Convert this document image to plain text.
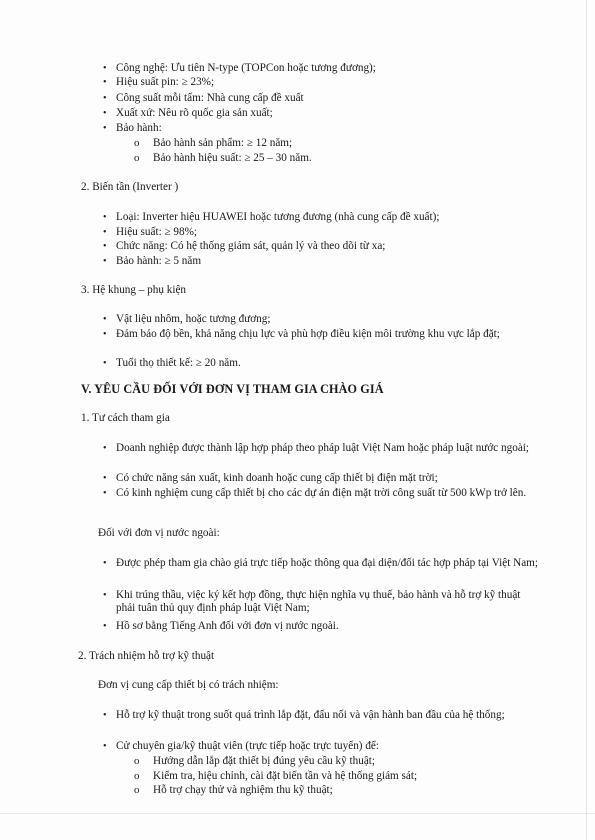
• Công nghệ: Ưu tiên N-type (TOPCon hoặc tương đương);
• Hiệu suất pin: ≥ 23%;
• Công suất mỗi tấm: Nhà cung cấp đề xuất
• Xuất xứ: Nêu rõ quốc gia sản xuất;
• Bảo hành:
o Bảo hành sản phẩm: ≥ 12 năm;
o Bảo hành hiệu suất: ≥ 25 – 30 năm.
2. Biến tần (Inverter )
• Loại: Inverter hiệu HUAWEI hoặc tương đương (nhà cung cấp đề xuất);
• Hiệu suất: ≥ 98%;
• Chức năng: Có hệ thống giám sát, quản lý và theo dõi từ xa;
• Bảo hành: ≥ 5 năm
3. Hệ khung – phụ kiện
• Vật liệu nhôm, hoặc tương đương;
• Đảm bảo độ bền, khả năng chịu lực và phù hợp điều kiện môi trường khu vực lắp đặt;
• Tuổi thọ thiết kế: ≥ 20 năm.
V. YÊU CẦU ĐỐI VỚI ĐƠN VỊ THAM GIA CHÀO GIÁ
1. Tư cách tham gia
• Doanh nghiệp được thành lập hợp pháp theo pháp luật Việt Nam hoặc pháp luật nước ngoài;
• Có chức năng sản xuất, kinh doanh hoặc cung cấp thiết bị điện mặt trời;
• Có kinh nghiệm cung cấp thiết bị cho các dự án điện mặt trời công suất từ 500 kWp trở lên.
Đối với đơn vị nước ngoài:
• Được phép tham gia chào giá trực tiếp hoặc thông qua đại diện/đối tác hợp pháp tại Việt Nam;
• Khi trúng thầu, việc ký kết hợp đồng, thực hiện nghĩa vụ thuế, bảo hành và hỗ trợ kỹ thuật phải tuân thủ quy định pháp luật Việt Nam;
• Hồ sơ bằng Tiếng Anh đối với đơn vị nước ngoài.
2. Trách nhiệm hỗ trợ kỹ thuật
Đơn vị cung cấp thiết bị có trách nhiệm:
• Hỗ trợ kỹ thuật trong suốt quá trình lắp đặt, đấu nối và vận hành ban đầu của hệ thống;
• Cử chuyên gia/kỹ thuật viên (trực tiếp hoặc trực tuyến) để:
o Hướng dẫn lắp đặt thiết bị đúng yêu cầu kỹ thuật;
o Kiểm tra, hiệu chỉnh, cài đặt biến tần và hệ thống giám sát;
o Hỗ trợ chạy thử và nghiệm thu kỹ thuật;
